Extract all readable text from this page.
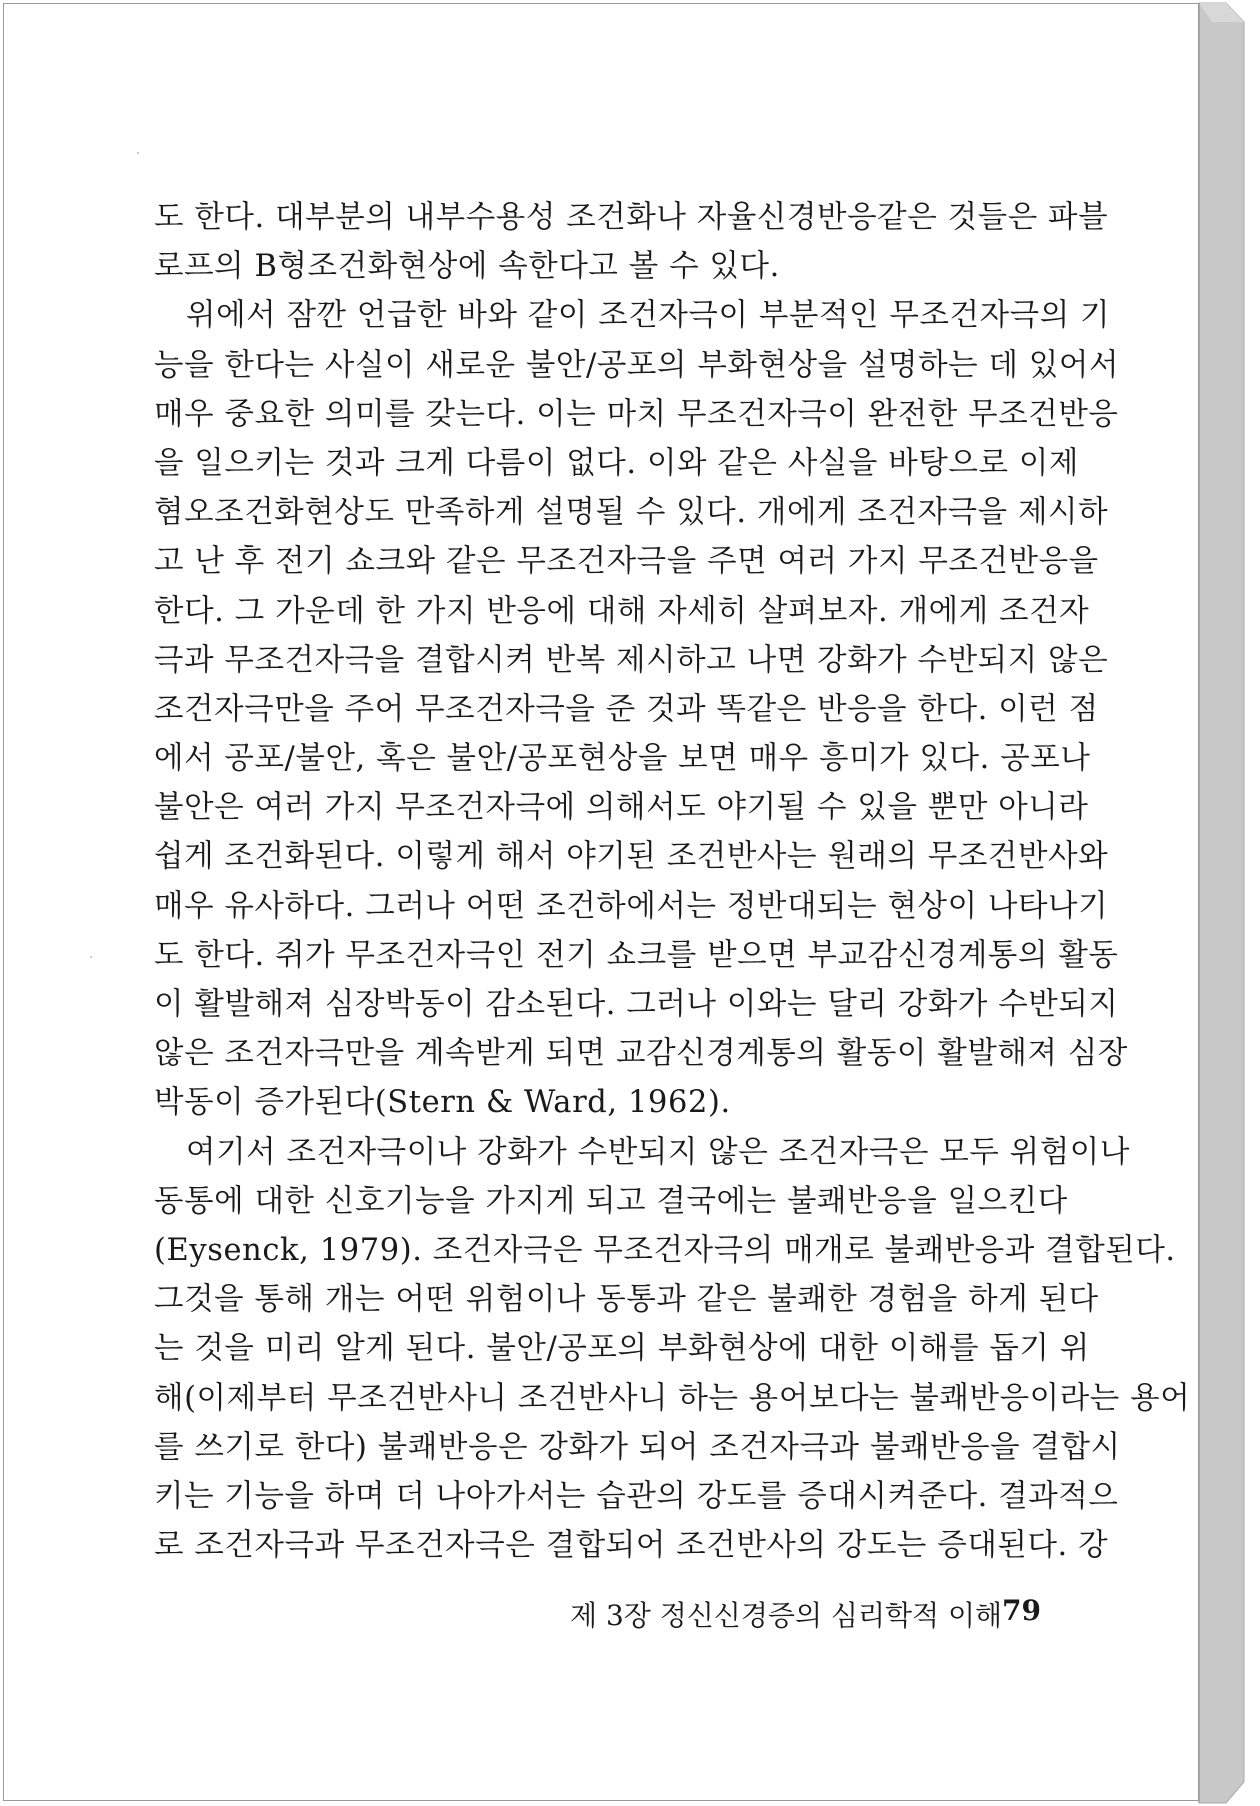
도 한다. 대부분의 내부수용성 조건화나 자율신경반응같은 것들은 파블
로프의 B형조건화현상에 속한다고 볼 수 있다.
위에서 잠깐 언급한 바와 같이 조건자극이 부분적인 무조건자극의 기
능을 한다는 사실이 새로운 불안/공포의 부화현상을 설명하는 데 있어서
매우 중요한 의미를 갖는다. 이는 마치 무조건자극이 완전한 무조건반응
을 일으키는 것과 크게 다름이 없다. 이와 같은 사실을 바탕으로 이제
혐오조건화현상도 만족하게 설명될 수 있다. 개에게 조건자극을 제시하
고 난 후 전기 쇼크와 같은 무조건자극을 주면 여러 가지 무조건반응을
한다. 그 가운데 한 가지 반응에 대해 자세히 살펴보자. 개에게 조건자
극과 무조건자극을 결합시켜 반복 제시하고 나면 강화가 수반되지 않은
조건자극만을 주어 무조건자극을 준 것과 똑같은 반응을 한다. 이런 점
에서 공포/불안, 혹은 불안/공포현상을 보면 매우 흥미가 있다. 공포나
불안은 여러 가지 무조건자극에 의해서도 야기될 수 있을 뿐만 아니라
쉽게 조건화된다. 이렇게 해서 야기된 조건반사는 원래의 무조건반사와
매우 유사하다. 그러나 어떤 조건하에서는 정반대되는 현상이 나타나기
도 한다. 쥐가 무조건자극인 전기 쇼크를 받으면 부교감신경계통의 활동
이 활발해져 심장박동이 감소된다. 그러나 이와는 달리 강화가 수반되지
않은 조건자극만을 계속받게 되면 교감신경계통의 활동이 활발해져 심장
박동이 증가된다(Stern & Ward, 1962).
여기서 조건자극이나 강화가 수반되지 않은 조건자극은 모두 위험이나
동통에 대한 신호기능을 가지게 되고 결국에는 불쾌반응을 일으킨다
(Eysenck, 1979). 조건자극은 무조건자극의 매개로 불쾌반응과 결합된다.
그것을 통해 개는 어떤 위험이나 동통과 같은 불쾌한 경험을 하게 된다
는 것을 미리 알게 된다. 불안/공포의 부화현상에 대한 이해를 돕기 위
해(이제부터 무조건반사니 조건반사니 하는 용어보다는 불쾌반응이라는 용어
를 쓰기로 한다) 불쾌반응은 강화가 되어 조건자극과 불쾌반응을 결합시
키는 기능을 하며 더 나아가서는 습관의 강도를 증대시켜준다. 결과적으
로 조건자극과 무조건자극은 결합되어 조건반사의 강도는 증대된다. 강
제 3장 정신신경증의 심리학적 이해 79
